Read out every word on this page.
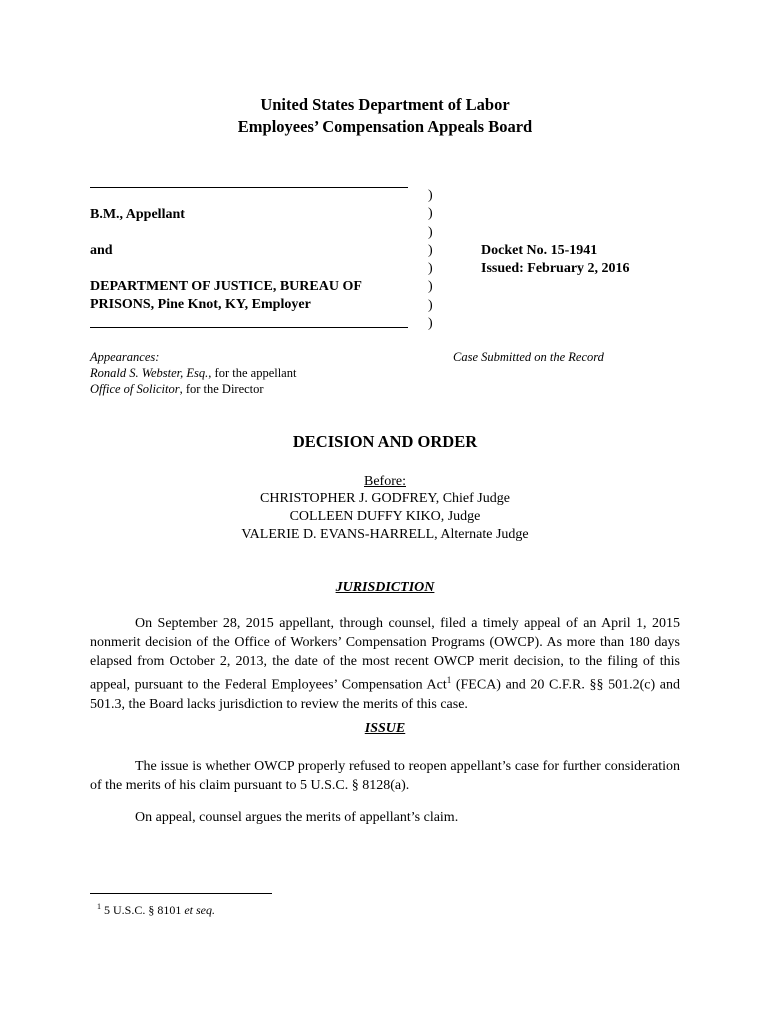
United States Department of Labor
Employees’ Compensation Appeals Board
B.M., Appellant
and
DEPARTMENT OF JUSTICE, BUREAU OF
PRISONS, Pine Knot, KY, Employer
)
)
)
)
)
)
)
)
Docket No. 15-1941
Issued: February 2, 2016
Appearances:
Ronald S. Webster, Esq., for the appellant
Office of Solicitor, for the Director
Case Submitted on the Record
DECISION AND ORDER
Before:
CHRISTOPHER J. GODFREY, Chief Judge
COLLEEN DUFFY KIKO, Judge
VALERIE D. EVANS-HARRELL, Alternate Judge
JURISDICTION
On September 28, 2015 appellant, through counsel, filed a timely appeal of an April 1, 2015 nonmerit decision of the Office of Workers’ Compensation Programs (OWCP). As more than 180 days elapsed from October 2, 2013, the date of the most recent OWCP merit decision, to the filing of this appeal, pursuant to the Federal Employees’ Compensation Act$^1$ (FECA) and 20 C.F.R. §§ 501.2(c) and 501.3, the Board lacks jurisdiction to review the merits of this case.
ISSUE
The issue is whether OWCP properly refused to reopen appellant’s case for further consideration of the merits of his claim pursuant to 5 U.S.C. § 8128(a).
On appeal, counsel argues the merits of appellant’s claim.
$^1$ 5 U.S.C. § 8101 et seq.
